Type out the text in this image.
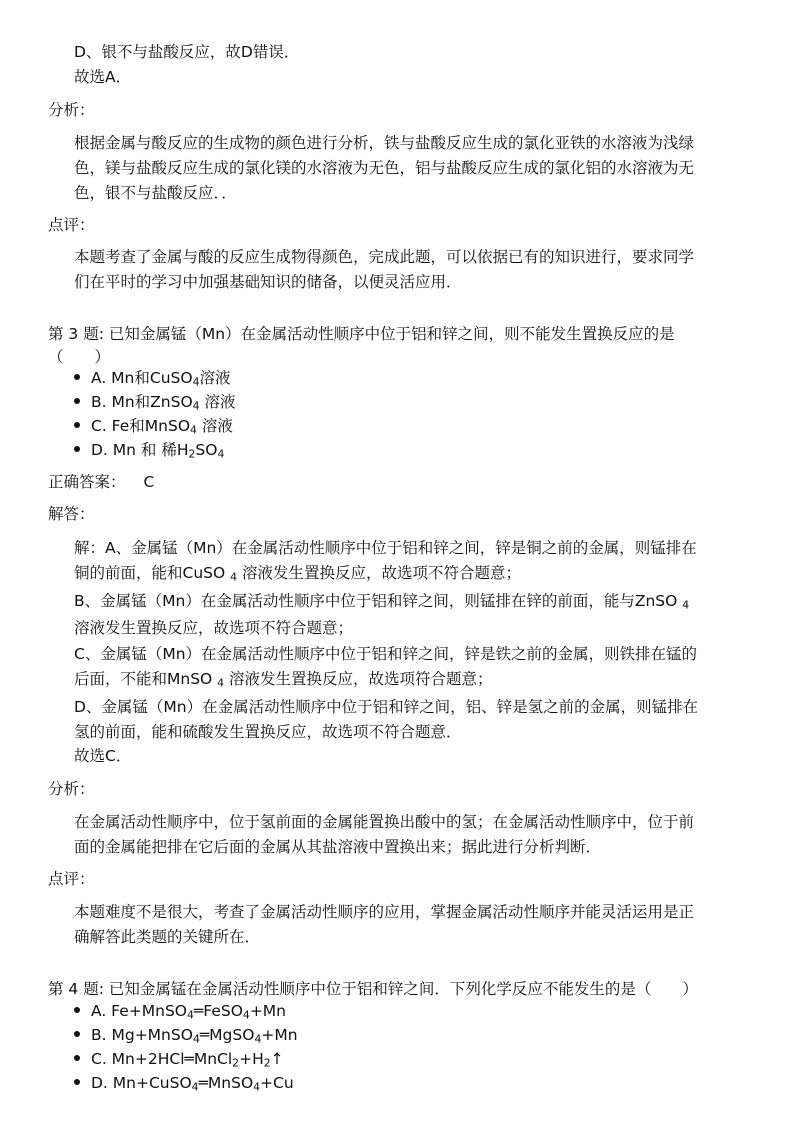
D、银不与盐酸反应，故D错误．
故选A．
分析：
根据金属与酸反应的生成物的颜色进行分析，铁与盐酸反应生成的氯化亚铁的水溶液为浅绿
色，镁与盐酸反应生成的氯化镁的水溶液为无色，铝与盐酸反应生成的氯化铝的水溶液为无
色，银不与盐酸反应．．
点评：
本题考查了金属与酸的反应生成物得颜色，完成此题，可以依据已有的知识进行，要求同学
们在平时的学习中加强基础知识的储备，以便灵活应用．
第 3 题: 已知金属锰（Mn）在金属活动性顺序中位于铝和锌之间，则不能发生置换反应的是
（　　）
A. Mn和CuSO$_4$溶液
B. Mn和ZnSO$_4$ 溶液
C. Fe和MnSO$_4$ 溶液
D. Mn 和 稀$H_2SO_4$
正确答案： C
解答：
解：A、金属锰（Mn）在金属活动性顺序中位于铝和锌之间，锌是铜之前的金属，则锰排在
铜的前面，能和CuSO $_4$ 溶液发生置换反应，故选项不符合题意；
B、金属锰（Mn）在金属活动性顺序中位于铝和锌之间，则锰排在锌的前面，能与ZnSO $_4$
溶液发生置换反应，故选项不符合题意；
C、金属锰（Mn）在金属活动性顺序中位于铝和锌之间，锌是铁之前的金属，则铁排在锰的
后面，不能和MnSO $_4$ 溶液发生置换反应，故选项符合题意；
D、金属锰（Mn）在金属活动性顺序中位于铝和锌之间，铝、锌是氢之前的金属，则锰排在
氢的前面，能和硫酸发生置换反应，故选项不符合题意．
故选C．
分析：
在金属活动性顺序中，位于氢前面的金属能置换出酸中的氢；在金属活动性顺序中，位于前
面的金属能把排在它后面的金属从其盐溶液中置换出来；据此进行分析判断．
点评：
本题难度不是很大，考查了金属活动性顺序的应用，掌握金属活动性顺序并能灵活运用是正
确解答此类题的关键所在．
第 4 题: 已知金属锰在金属活动性顺序中位于铝和锌之间．下列化学反应不能发生的是（　　）
A. Fe+MnSO$_4$═FeSO$_4$+Mn
B. Mg+MnSO$_4$═MgSO$_4$+Mn
C. $Mn+2HCl═MnCl_2+H_2↑$
D. Mn+CuSO$_4$═MnSO$_4$+Cu
